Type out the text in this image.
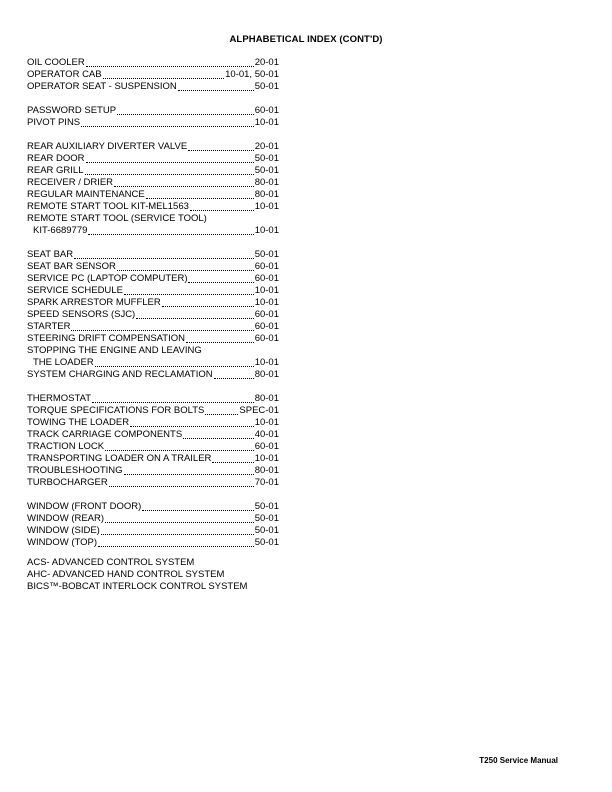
ALPHABETICAL INDEX (CONT'D)
OIL COOLER	20-01
OPERATOR CAB	10-01, 50-01
OPERATOR SEAT - SUSPENSION	50-01
PASSWORD SETUP	60-01
PIVOT PINS	10-01
REAR AUXILIARY DIVERTER VALVE	20-01
REAR DOOR	50-01
REAR GRILL	50-01
RECEIVER / DRIER	80-01
REGULAR MAINTENANCE	80-01
REMOTE START TOOL KIT-MEL1563	10-01
REMOTE START TOOL (SERVICE TOOL)
KIT-6689779	10-01
SEAT BAR	50-01
SEAT BAR SENSOR	60-01
SERVICE PC (LAPTOP COMPUTER)	60-01
SERVICE SCHEDULE	10-01
SPARK ARRESTOR MUFFLER	10-01
SPEED SENSORS (SJC)	60-01
STARTER	60-01
STEERING DRIFT COMPENSATION	60-01
STOPPING THE ENGINE AND LEAVING
THE LOADER	10-01
SYSTEM CHARGING AND RECLAMATION	80-01
THERMOSTAT	80-01
TORQUE SPECIFICATIONS FOR BOLTS	SPEC-01
TOWING THE LOADER	10-01
TRACK CARRIAGE COMPONENTS	40-01
TRACTION LOCK	60-01
TRANSPORTING LOADER ON A TRAILER	10-01
TROUBLESHOOTING	80-01
TURBOCHARGER	70-01
WINDOW (FRONT DOOR)	50-01
WINDOW (REAR)	50-01
WINDOW (SIDE)	50-01
WINDOW (TOP)	50-01
ACS- ADVANCED CONTROL SYSTEM
AHC- ADVANCED HAND CONTROL SYSTEM
BICS™-BOBCAT INTERLOCK CONTROL SYSTEM
T250 Service Manual
